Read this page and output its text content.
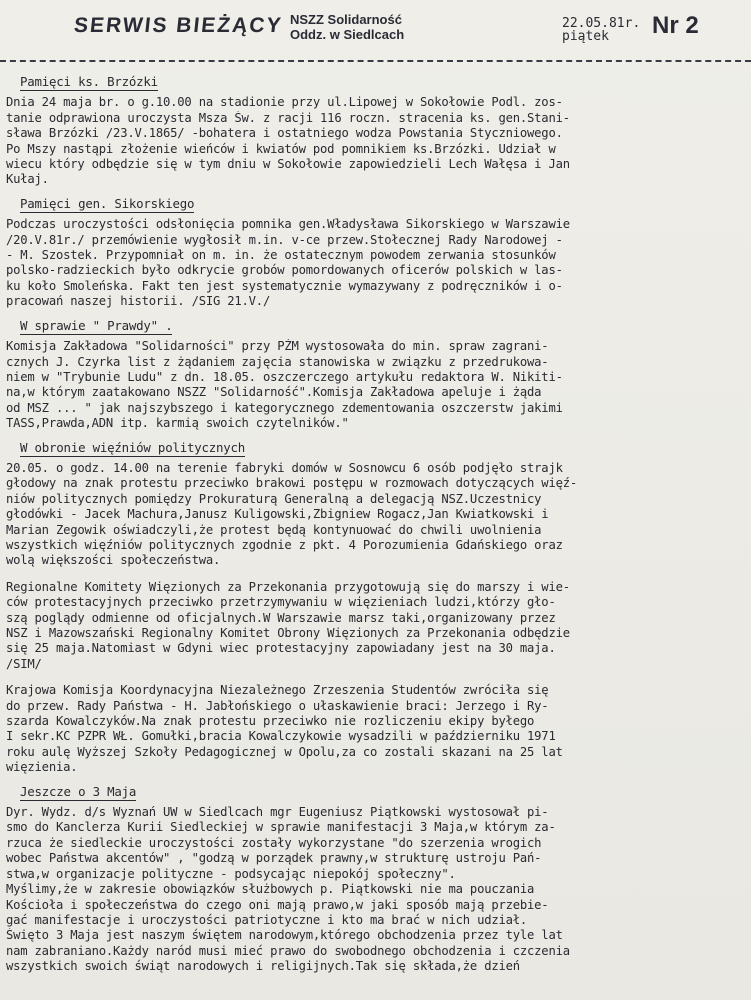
SERWIS BIEŻĄCY NSZZ Solidarność
Oddz. w Siedlcach
22.05.81r.
piątek	Nr 2
Pamięci ks. Brzózki
Dnia 24 maja br. o g.10.00 na stadionie przy ul.Lipowej w Sokołowie Podl. zos-
tanie odprawiona uroczysta Msza Św. z racji 116 roczn. stracenia ks. gen.Stani-
sława Brzózki /23.V.1865/ -bohatera i ostatniego wodza Powstania Styczniowego.
Po Mszy nastąpi złożenie wieńców i kwiatów pod pomnikiem ks.Brzózki. Udział w
wiecu który odbędzie się w tym dniu w Sokołowie zapowiedzieli Lech Wałęsa i Jan
Kułaj.
Pamięci gen. Sikorskiego
Podczas uroczystości odsłonięcia pomnika gen.Władysława Sikorskiego w Warszawie
/20.V.81r./ przemówienie wygłosił m.in. v-ce przew.Stołecznej Rady Narodowej -
- M. Szostek. Przypomniał on m. in. że ostatecznym powodem zerwania stosunków
polsko-radzieckich było odkrycie grobów pomordowanych oficerów polskich w las-
ku koło Smoleńska. Fakt ten jest systematycznie wymazywany z podręczników i o-
pracowań naszej historii. /SIG 21.V./
W sprawie " Prawdy" .
Komisja Zakładowa "Solidarności" przy PŻM wystosowała do min. spraw zagrani-
cznych J. Czyrka list z żądaniem zajęcia stanowiska w związku z przedrukowa-
niem w "Trybunie Ludu" z dn. 18.05. oszczerczego artykułu redaktora W. Nikiti-
na,w którym zaatakowano NSZZ "Solidarność".Komisja Zakładowa apeluje i żąda
od MSZ ... " jak najszybszego i kategorycznego zdementowania oszczerstw jakimi
TASS,Prawda,ADN itp. karmią swoich czytelników."
W obronie więźniów politycznych
20.05. o godz. 14.00 na terenie fabryki domów w Sosnowcu 6 osób podjęło strajk
głodowy na znak protestu przeciwko brakowi postępu w rozmowach dotyczących więź-
niów politycznych pomiędzy Prokuraturą Generalną a delegacją NSZ.Uczestnicy
głodówki - Jacek Machura,Janusz Kuligowski,Zbigniew Rogacz,Jan Kwiatkowski i
Marian Zegowik oświadczyli,że protest będą kontynuować do chwili uwolnienia
wszystkich więźniów politycznych zgodnie z pkt. 4 Porozumienia Gdańskiego oraz
wolą większości społeczeństwa.
Regionalne Komitety Więzionych za Przekonania przygotowują się do marszy i wie-
ców protestacyjnych przeciwko przetrzymywaniu w więzieniach ludzi,którzy gło-
szą poglądy odmienne od oficjalnych.W Warszawie marsz taki,organizowany przez
NSZ i Mazowszański Regionalny Komitet Obrony Więzionych za Przekonania odbędzie
się 25 maja.Natomiast w Gdyni wiec protestacyjny zapowiadany jest na 30 maja.
/SIM/
Krajowa Komisja Koordynacyjna Niezależnego Zrzeszenia Studentów zwróciła się
do przew. Rady Państwa - H. Jabłońskiego o ułaskawienie braci: Jerzego i Ry-
szarda Kowalczyków.Na znak protestu przeciwko nie rozliczeniu ekipy byłego
I sekr.KC PZPR WŁ. Gomułki,bracia Kowalczykowie wysadzili w październiku 1971
roku aulę Wyższej Szkoły Pedagogicznej w Opolu,za co zostali skazani na 25 lat
więzienia.
Jeszcze o 3 Maja
Dyr. Wydz. d/s Wyznań UW w Siedlcach mgr Eugeniusz Piątkowski wystosował pi-
smo do Kanclerza Kurii Siedleckiej w sprawie manifestacji 3 Maja,w którym za-
rzuca że siedleckie uroczystości zostały wykorzystane "do szerzenia wrogich
wobec Państwa akcentów" , "godzą w porządek prawny,w strukturę ustroju Pań-
stwa,w organizacje polityczne - podsycając niepokój społeczny".
Myślimy,że w zakresie obowiązków służbowych p. Piątkowski nie ma pouczania
Kościoła i społeczeństwa do czego oni mają prawo,w jaki sposób mają przebie-
gać manifestacje i uroczystości patriotyczne i kto ma brać w nich udział.
Święto 3 Maja jest naszym świętem narodowym,którego obchodzenia przez tyle lat
nam zabraniano.Każdy naród musi mieć prawo do swobodnego obchodzenia i czczenia
wszystkich swoich świąt narodowych i religijnych.Tak się składa,że dzień
